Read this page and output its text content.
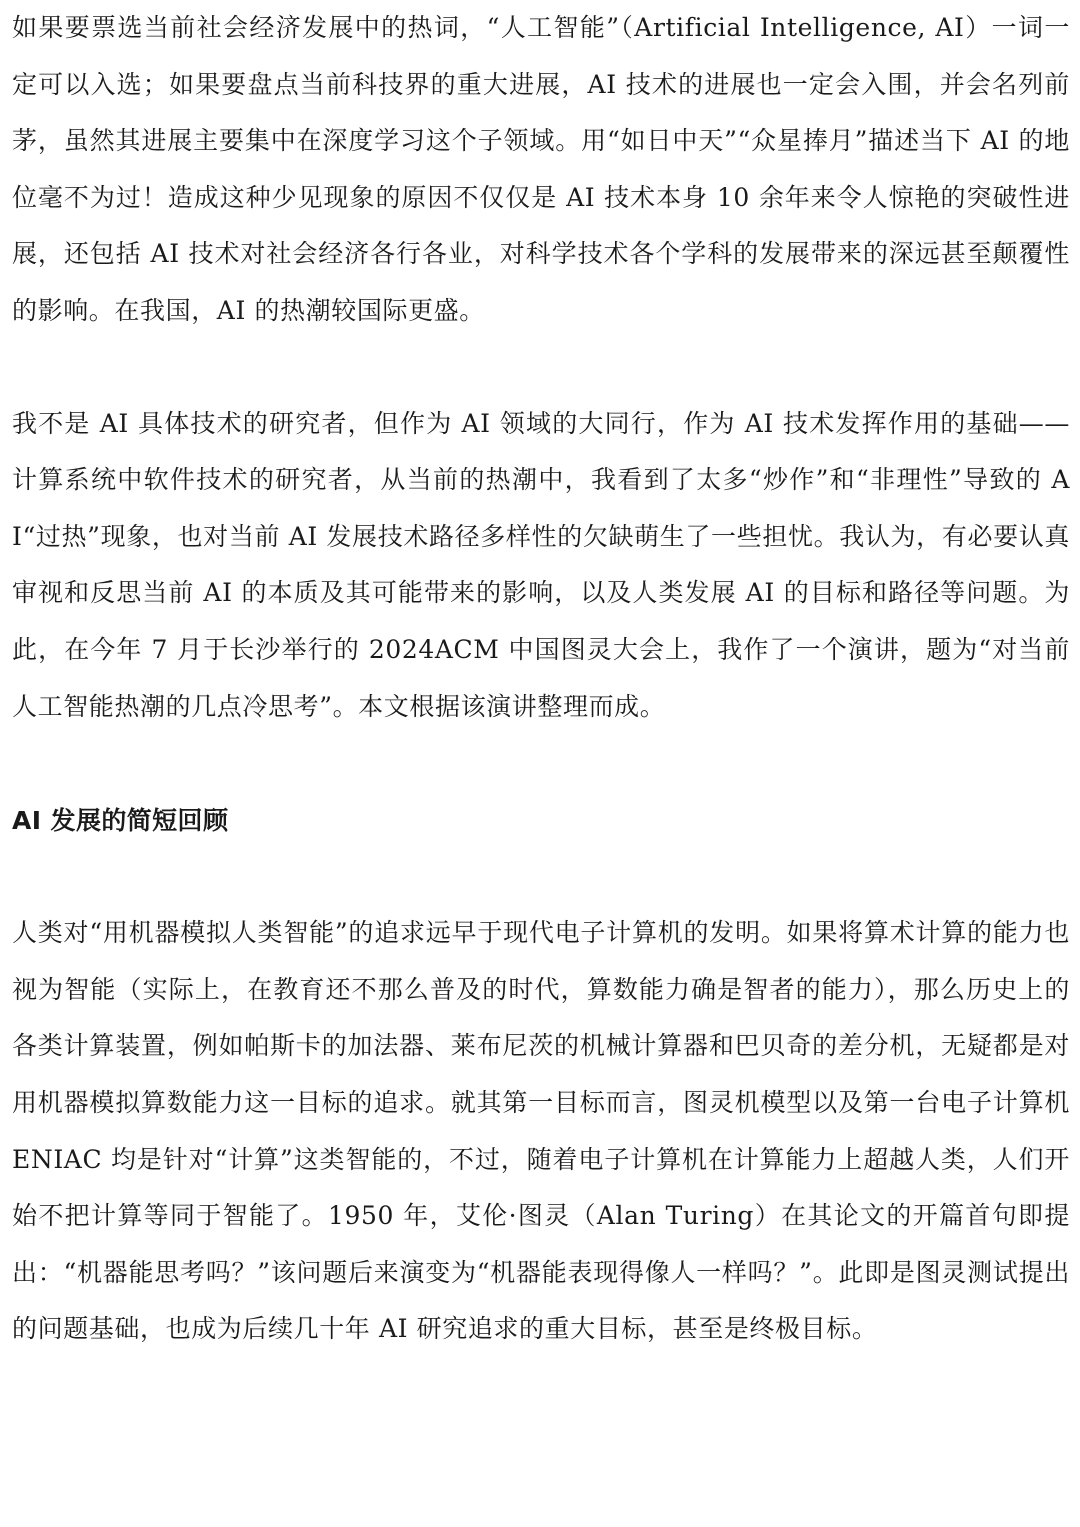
如果要票选当前社会经济发展中的热词，“人工智能”（Artificial Intelligence, AI）一词一定可以入选；如果要盘点当前科技界的重大进展，AI 技术的进展也一定会入围，并会名列前茅，虽然其进展主要集中在深度学习这个子领域。用“如日中天”“众星捧月”描述当下 AI 的地位毫不为过！造成这种少见现象的原因不仅仅是 AI 技术本身 10 余年来令人惊艳的突破性进展，还包括 AI 技术对社会经济各行各业，对科学技术各个学科的发展带来的深远甚至颠覆性的影响。在我国，AI 的热潮较国际更盛。

我不是 AI 具体技术的研究者，但作为 AI 领域的大同行，作为 AI 技术发挥作用的基础——计算系统中软件技术的研究者，从当前的热潮中，我看到了太多“炒作”和“非理性”导致的 AI“过热”现象，也对当前 AI 发展技术路径多样性的欠缺萌生了一些担忧。我认为，有必要认真审视和反思当前 AI 的本质及其可能带来的影响，以及人类发展 AI 的目标和路径等问题。为此，在今年 7 月于长沙举行的 2024ACM 中国图灵大会上，我作了一个演讲，题为“对当前人工智能热潮的几点冷思考”。本文根据该演讲整理而成。

AI 发展的简短回顾

人类对“用机器模拟人类智能”的追求远早于现代电子计算机的发明。如果将算术计算的能力也视为智能（实际上，在教育还不那么普及的时代，算数能力确是智者的能力），那么历史上的各类计算装置，例如帕斯卡的加法器、莱布尼茨的机械计算器和巴贝奇的差分机，无疑都是对用机器模拟算数能力这一目标的追求。就其第一目标而言，图灵机模型以及第一台电子计算机 ENIAC 均是针对“计算”这类智能的，不过，随着电子计算机在计算能力上超越人类，人们开始不把计算等同于智能了。1950 年，艾伦·图灵（Alan Turing）在其论文的开篇首句即提出：“机器能思考吗？”该问题后来演变为“机器能表现得像人一样吗？”。此即是图灵测试提出的问题基础，也成为后续几十年 AI 研究追求的重大目标，甚至是终极目标。
